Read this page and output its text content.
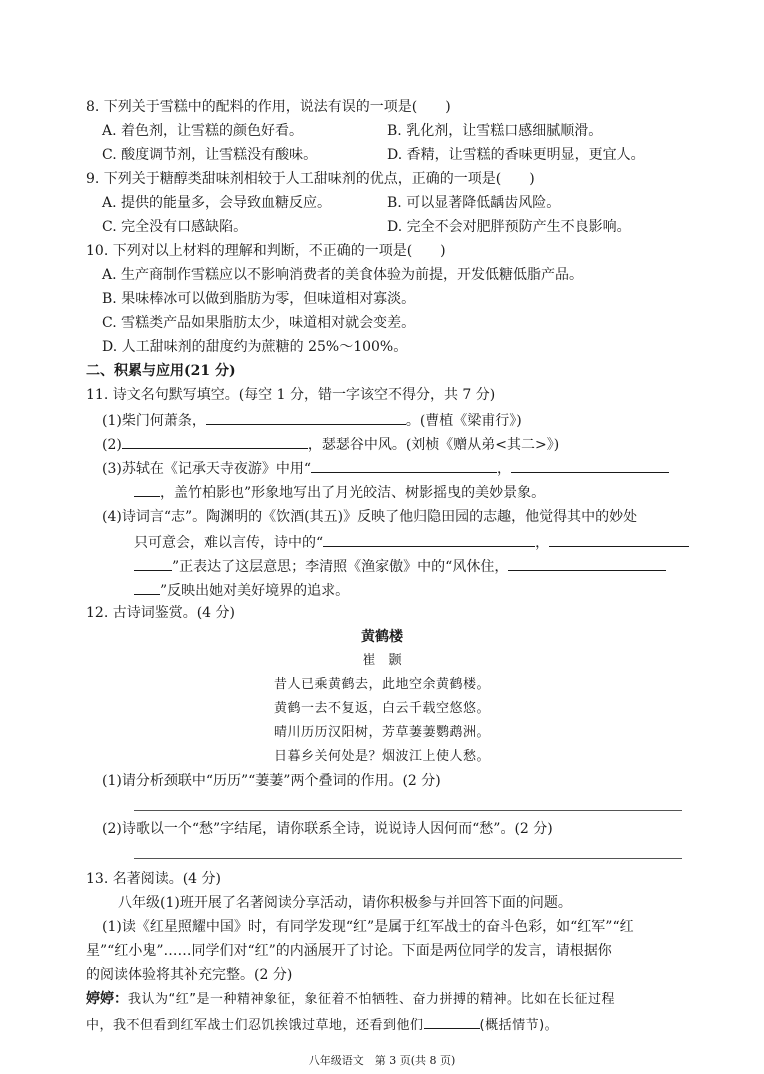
8. 下列关于雪糕中的配料的作用，说法有误的一项是(　　)
A. 着色剂，让雪糕的颜色好看。	B. 乳化剂，让雪糕口感细腻顺滑。
C. 酸度调节剂，让雪糕没有酸味。	D. 香精，让雪糕的香味更明显，更宜人。
9. 下列关于糖醇类甜味剂相较于人工甜味剂的优点，正确的一项是(　　)
A. 提供的能量多，会导致血糖反应。	B. 可以显著降低龋齿风险。
C. 完全没有口感缺陷。	D. 完全不会对肥胖预防产生不良影响。
10. 下列对以上材料的理解和判断，不正确的一项是(　　)
A. 生产商制作雪糕应以不影响消费者的美食体验为前提，开发低糖低脂产品。
B. 果味棒冰可以做到脂肪为零，但味道相对寡淡。
C. 雪糕类产品如果脂肪太少，味道相对就会变差。
D. 人工甜味剂的甜度约为蔗糖的 25%～100%。
二、积累与应用(21 分)
11. 诗文名句默写填空。(每空 1 分，错一字该空不得分，共 7 分)
(1)柴门何萧条，	。(曹植《梁甫行》)
(2)	，瑟瑟谷中风。(刘桢《赠从弟<其二>》)
(3)苏轼在《记承天寺夜游》中用“	，
，盖竹柏影也”形象地写出了月光皎洁、树影摇曳的美妙景象。
(4)诗词言“志”。陶渊明的《饮酒(其五)》反映了他归隐田园的志趣，他觉得其中的妙处
只可意会，难以言传，诗中的“	，
”正表达了这层意思；李清照《渔家傲》中的“风休住，
”反映出她对美好境界的追求。
12. 古诗词鉴赏。(4 分)
黄鹤楼
崔　颢
昔人已乘黄鹤去，此地空余黄鹤楼。
黄鹤一去不复返，白云千载空悠悠。
晴川历历汉阳树，芳草萋萋鹦鹉洲。
日暮乡关何处是？烟波江上使人愁。
(1)请分析颈联中“历历”“萋萋”两个叠词的作用。(2 分)
(2)诗歌以一个“愁”字结尾，请你联系全诗，说说诗人因何而“愁”。(2 分)
13. 名著阅读。(4 分)
八年级(1)班开展了名著阅读分享活动，请你积极参与并回答下面的问题。
(1)读《红星照耀中国》时，有同学发现“红”是属于红军战士的奋斗色彩，如“红军”“红
星”“红小鬼”……同学们对“红”的内涵展开了讨论。下面是两位同学的发言，请根据你
的阅读体验将其补充完整。(2 分)
婷婷：我认为“红”是一种精神象征，象征着不怕牺牲、奋力拼搏的精神。比如在长征过程
中，我不但看到红军战士们忍饥挨饿过草地，还看到他们	(概括情节)。
八年级语文　第 3 页(共 8 页)
